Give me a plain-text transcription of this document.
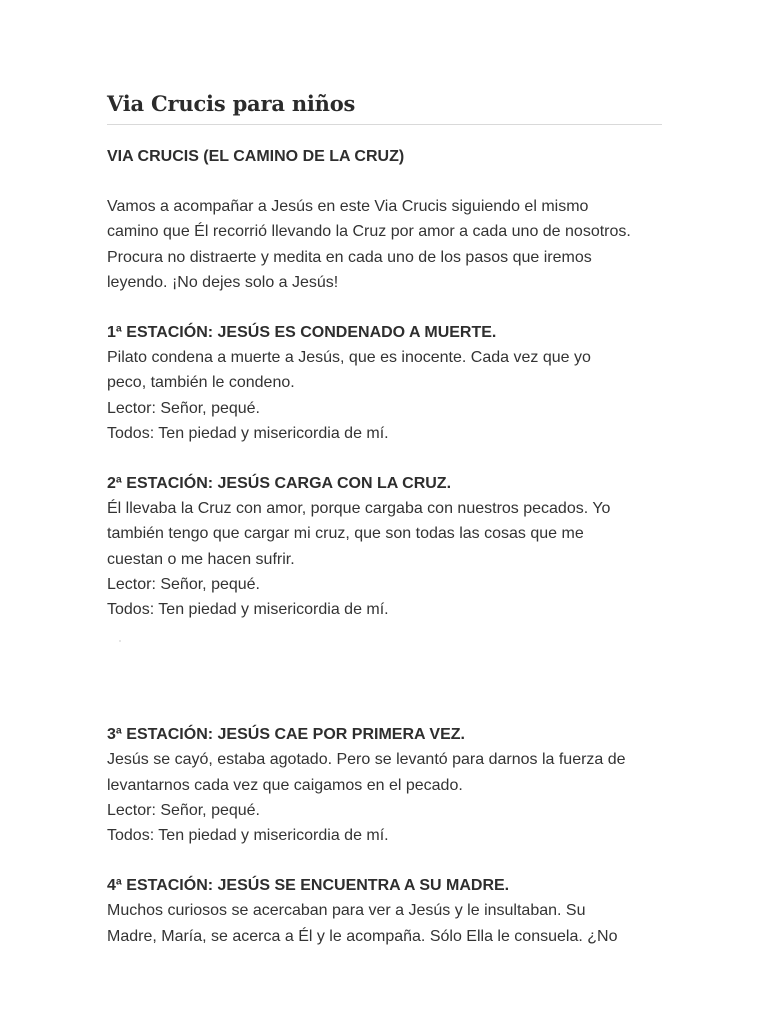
Via Crucis para niños
VIA CRUCIS (EL CAMINO DE LA CRUZ)
Vamos a acompañar a Jesús en este Via Crucis siguiendo el mismo
camino que Él recorrió llevando la Cruz por amor a cada uno de nosotros.
Procura no distraerte y medita en cada uno de los pasos que iremos
leyendo. ¡No dejes solo a Jesús!
1ª ESTACIÓN: JESÚS ES CONDENADO A MUERTE.
Pilato condena a muerte a Jesús, que es inocente. Cada vez que yo
peco, también le condeno.
Lector: Señor, pequé.
Todos: Ten piedad y misericordia de mí.
2ª ESTACIÓN: JESÚS CARGA CON LA CRUZ.
Él llevaba la Cruz con amor, porque cargaba con nuestros pecados. Yo
también tengo que cargar mi cruz, que son todas las cosas que me
cuestan o me hacen sufrir.
Lector: Señor, pequé.
Todos: Ten piedad y misericordia de mí.
3ª ESTACIÓN: JESÚS CAE POR PRIMERA VEZ.
Jesús se cayó, estaba agotado. Pero se levantó para darnos la fuerza de
levantarnos cada vez que caigamos en el pecado.
Lector: Señor, pequé.
Todos: Ten piedad y misericordia de mí.
4ª ESTACIÓN: JESÚS SE ENCUENTRA A SU MADRE.
Muchos curiosos se acercaban para ver a Jesús y le insultaban. Su
Madre, María, se acerca a Él y le acompaña. Sólo Ella le consuela. ¿No
